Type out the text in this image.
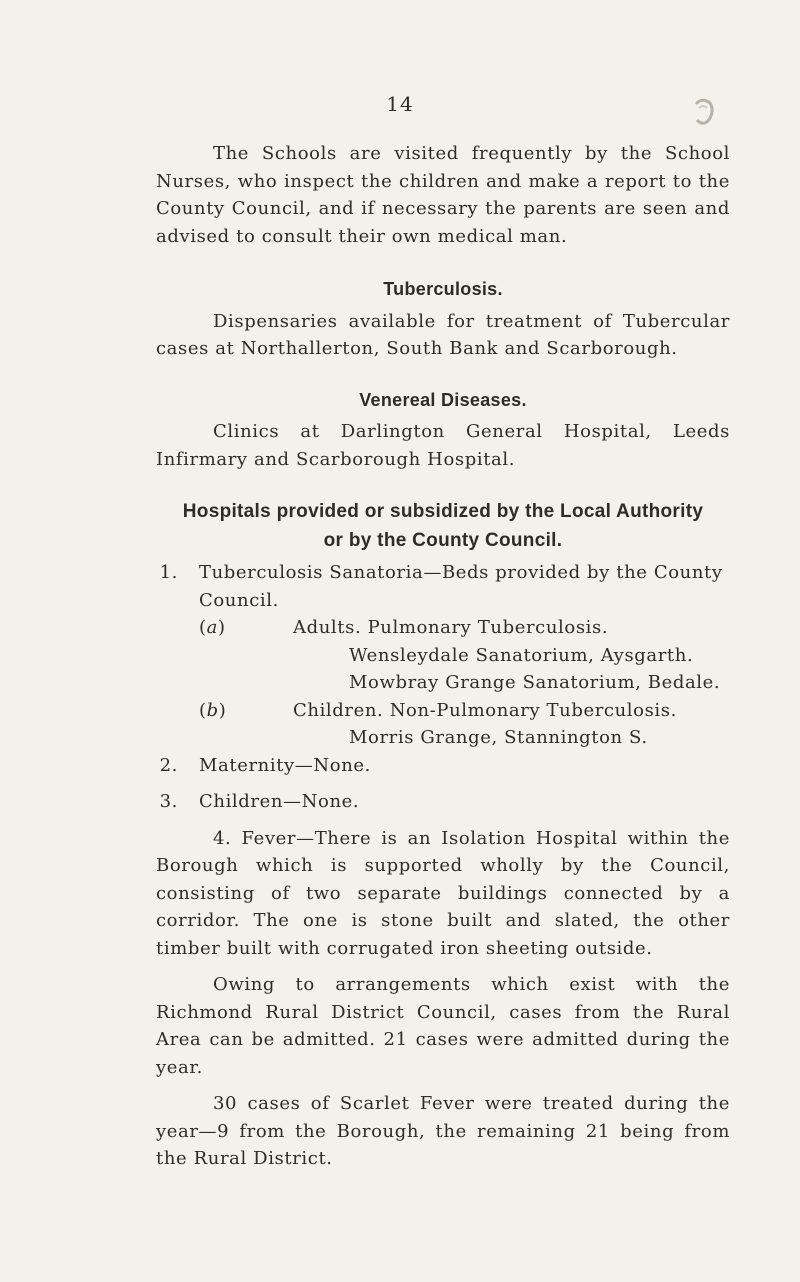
14

The Schools are visited frequently by the School Nurses, who inspect the children and make a report to the County Council, and if necessary the parents are seen and advised to consult their own medical man.

Tuberculosis.

Dispensaries available for treatment of Tubercular cases at Northallerton, South Bank and Scarborough.

Venereal Diseases.

Clinics at Darlington General Hospital, Leeds Infirmary and Scarborough Hospital.

Hospitals provided or subsidized by the Local Authority
or by the County Council.
1. Tuberculosis Sanatoria—Beds provided by the County Council.
(a)	Adults. Pulmonary Tuberculosis.
Wensleydale Sanatorium, Aysgarth.
Mowbray Grange Sanatorium, Bedale.
(b)	Children. Non-Pulmonary Tuberculosis.
Morris Grange, Stannington S.
2. Maternity—None.
3. Children—None.

4. Fever—There is an Isolation Hospital within the Borough which is supported wholly by the Council, consisting of two separate buildings connected by a corridor. The one is stone built and slated, the other timber built with corrugated iron sheeting outside.

Owing to arrangements which exist with the Richmond Rural District Council, cases from the Rural Area can be admitted. 21 cases were admitted during the year.

30 cases of Scarlet Fever were treated during the year—9 from the Borough, the remaining 21 being from the Rural District.
